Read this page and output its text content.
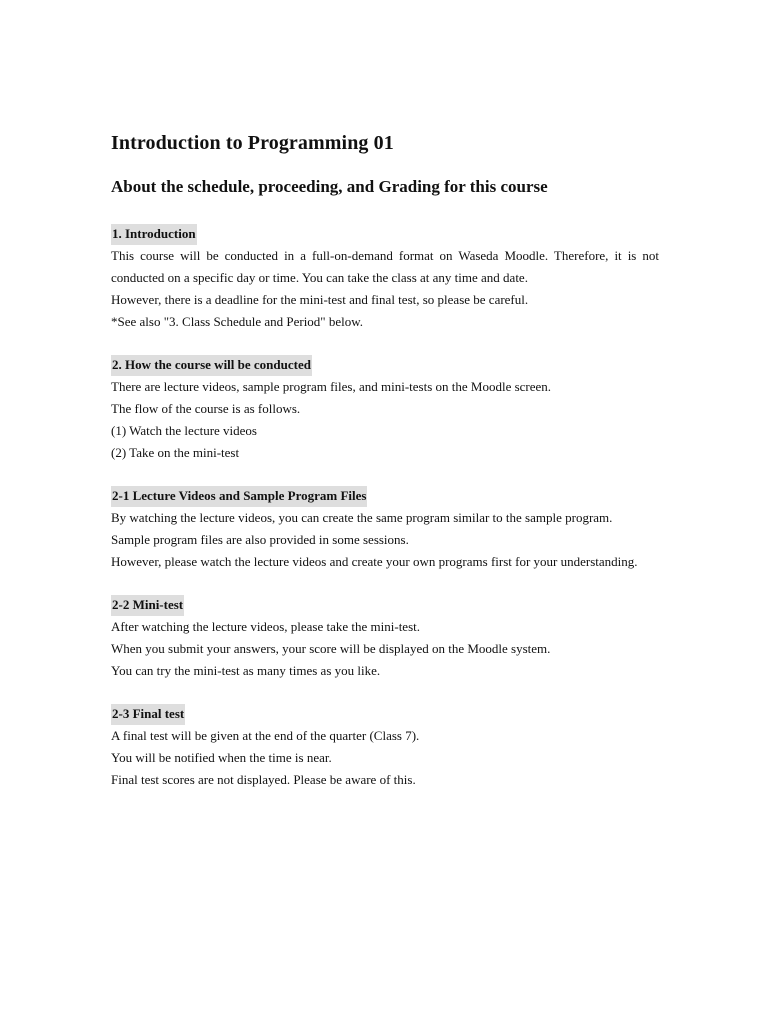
Introduction to Programming 01
About the schedule, proceeding, and Grading for this course
1. Introduction

This course will be conducted in a full-on-demand format on Waseda Moodle. Therefore, it is not conducted on a specific day or time. You can take the class at any time and date.

However, there is a deadline for the mini-test and final test, so please be careful.

*See also "3. Class Schedule and Period" below.

2. How the course will be conducted

There are lecture videos, sample program files, and mini-tests on the Moodle screen.

The flow of the course is as follows.

(1) Watch the lecture videos

(2) Take on the mini-test

2-1 Lecture Videos and Sample Program Files

By watching the lecture videos, you can create the same program similar to the sample program.

Sample program files are also provided in some sessions.

However, please watch the lecture videos and create your own programs first for your understanding.

2-2 Mini-test

After watching the lecture videos, please take the mini-test.

When you submit your answers, your score will be displayed on the Moodle system.

You can try the mini-test as many times as you like.

2-3 Final test

A final test will be given at the end of the quarter (Class 7).

You will be notified when the time is near.

Final test scores are not displayed. Please be aware of this.
